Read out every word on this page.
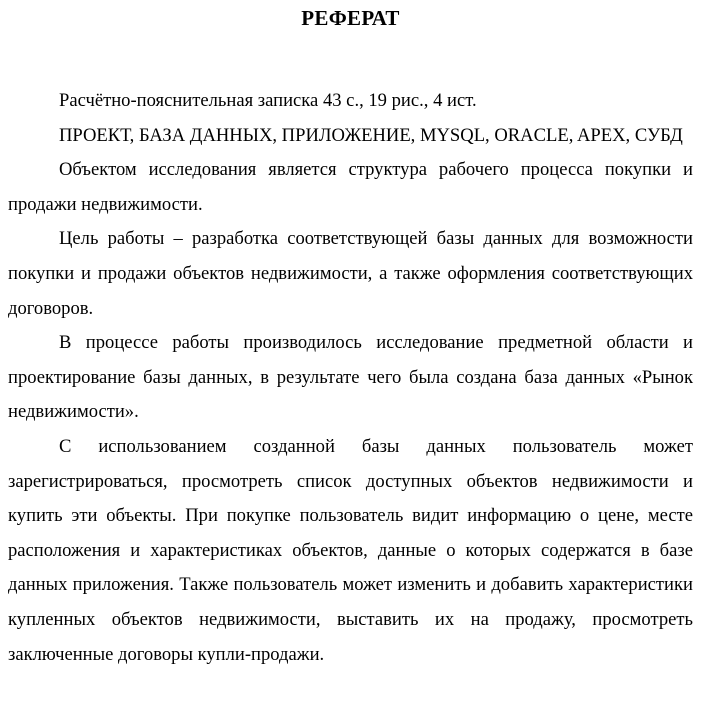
РЕФЕРАТ

Расчётно-пояснительная записка 43 с., 19 рис., 4 ист.

ПРОЕКТ, БАЗА ДАННЫХ, ПРИЛОЖЕНИЕ, MYSQL, ORACLE, APEX, СУБД

Объектом исследования является структура рабочего процесса покупки и продажи недвижимости.

Цель работы – разработка соответствующей базы данных для возможности покупки и продажи объектов недвижимости, а также оформления соответствующих договоров.

В процессе работы производилось исследование предметной области и проектирование базы данных, в результате чего была создана база данных «Рынок недвижимости».

С использованием созданной базы данных пользователь может зарегистрироваться, просмотреть список доступных объектов недвижимости и купить эти объекты. При покупке пользователь видит информацию о цене, месте расположения и характеристиках объектов, данные о которых содержатся в базе данных приложения. Также пользователь может изменить и добавить характеристики купленных объектов недвижимости, выставить их на продажу, просмотреть заключенные договоры купли-продажи.
